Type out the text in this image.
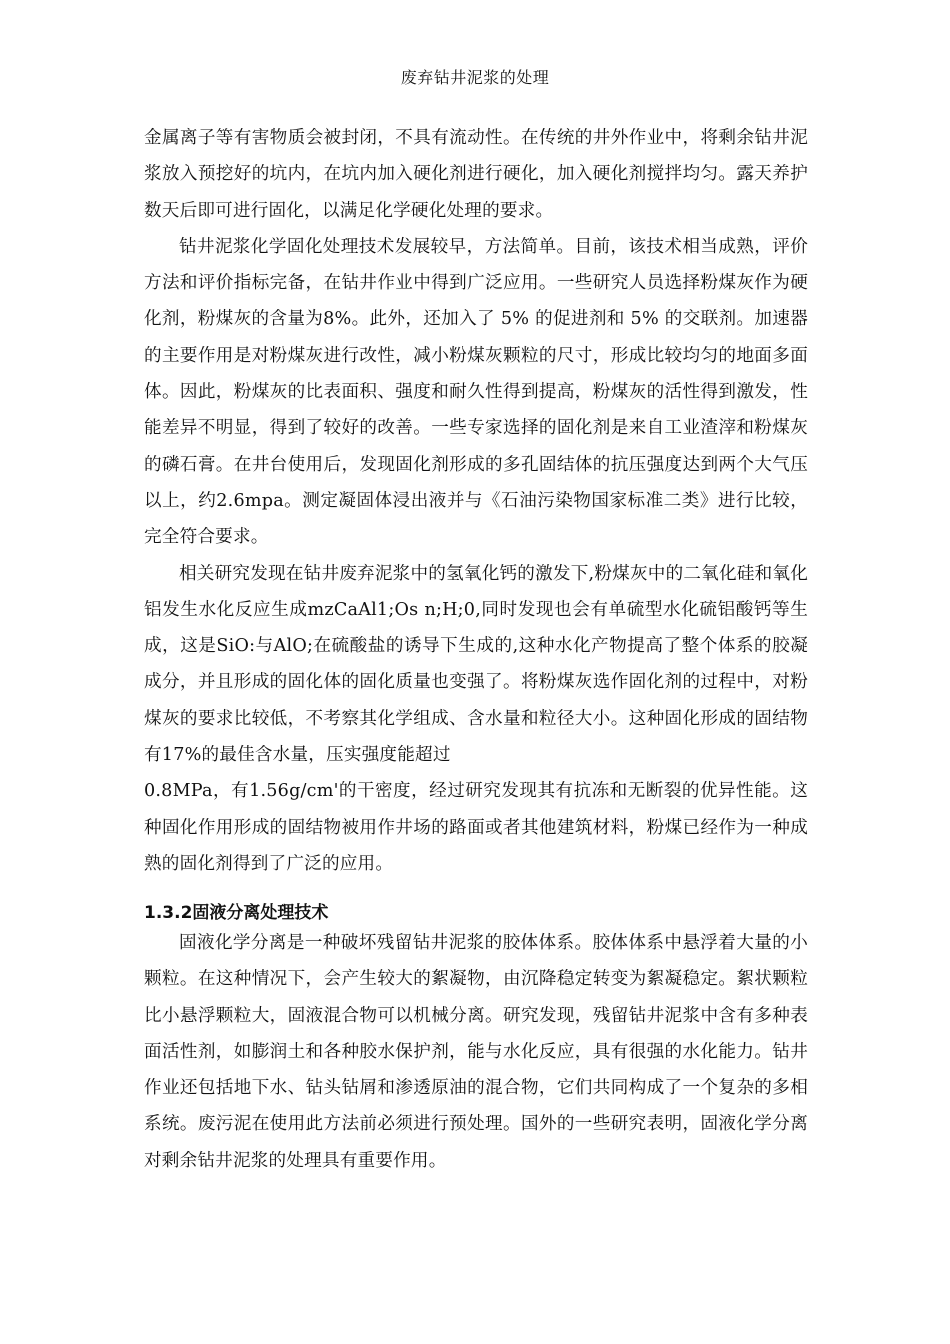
废弃钻井泥浆的处理

金属离子等有害物质会被封闭，不具有流动性。在传统的井外作业中，将剩余钻井泥浆放入预挖好的坑内，在坑内加入硬化剂进行硬化，加入硬化剂搅拌均匀。露天养护数天后即可进行固化，以满足化学硬化处理的要求。

钻井泥浆化学固化处理技术发展较早，方法简单。目前，该技术相当成熟，评价方法和评价指标完备，在钻井作业中得到广泛应用。一些研究人员选择粉煤灰作为硬化剂，粉煤灰的含量为8%。此外，还加入了 5% 的促进剂和 5% 的交联剂。加速器的主要作用是对粉煤灰进行改性，减小粉煤灰颗粒的尺寸，形成比较均匀的地面多面体。因此，粉煤灰的比表面积、强度和耐久性得到提高，粉煤灰的活性得到激发，性能差异不明显，得到了较好的改善。一些专家选择的固化剂是来自工业渣滓和粉煤灰的磷石膏。在井台使用后，发现固化剂形成的多孔固结体的抗压强度达到两个大气压以上，约2.6mpa。测定凝固体浸出液并与《石油污染物国家标准二类》进行比较，完全符合要求。

相关研究发现在钻井废弃泥浆中的氢氧化钙的激发下,粉煤灰中的二氧化硅和氧化铝发生水化反应生成mzCaAl1;Os n;H;0,同时发现也会有单硫型水化硫铝酸钙等生成，这是SiO:与AlO;在硫酸盐的诱导下生成的,这种水化产物提高了整个体系的胶凝成分，并且形成的固化体的固化质量也变强了。将粉煤灰选作固化剂的过程中，对粉煤灰的要求比较低，不考察其化学组成、含水量和粒径大小。这种固化形成的固结物有17%的最佳含水量，压实强度能超过

0.8MPa，有1.56g/cm'的干密度，经过研究发现其有抗冻和无断裂的优异性能。这种固化作用形成的固结物被用作井场的路面或者其他建筑材料，粉煤已经作为一种成熟的固化剂得到了广泛的应用。

1.3.2固液分离处理技术

固液化学分离是一种破坏残留钻井泥浆的胶体体系。胶体体系中悬浮着大量的小颗粒。在这种情况下，会产生较大的絮凝物，由沉降稳定转变为絮凝稳定。絮状颗粒比小悬浮颗粒大，固液混合物可以机械分离。研究发现，残留钻井泥浆中含有多种表面活性剂，如膨润土和各种胶水保护剂，能与水化反应，具有很强的水化能力。钻井作业还包括地下水、钻头钻屑和渗透原油的混合物，它们共同构成了一个复杂的多相系统。废污泥在使用此方法前必须进行预处理。国外的一些研究表明，固液化学分离对剩余钻井泥浆的处理具有重要作用。
